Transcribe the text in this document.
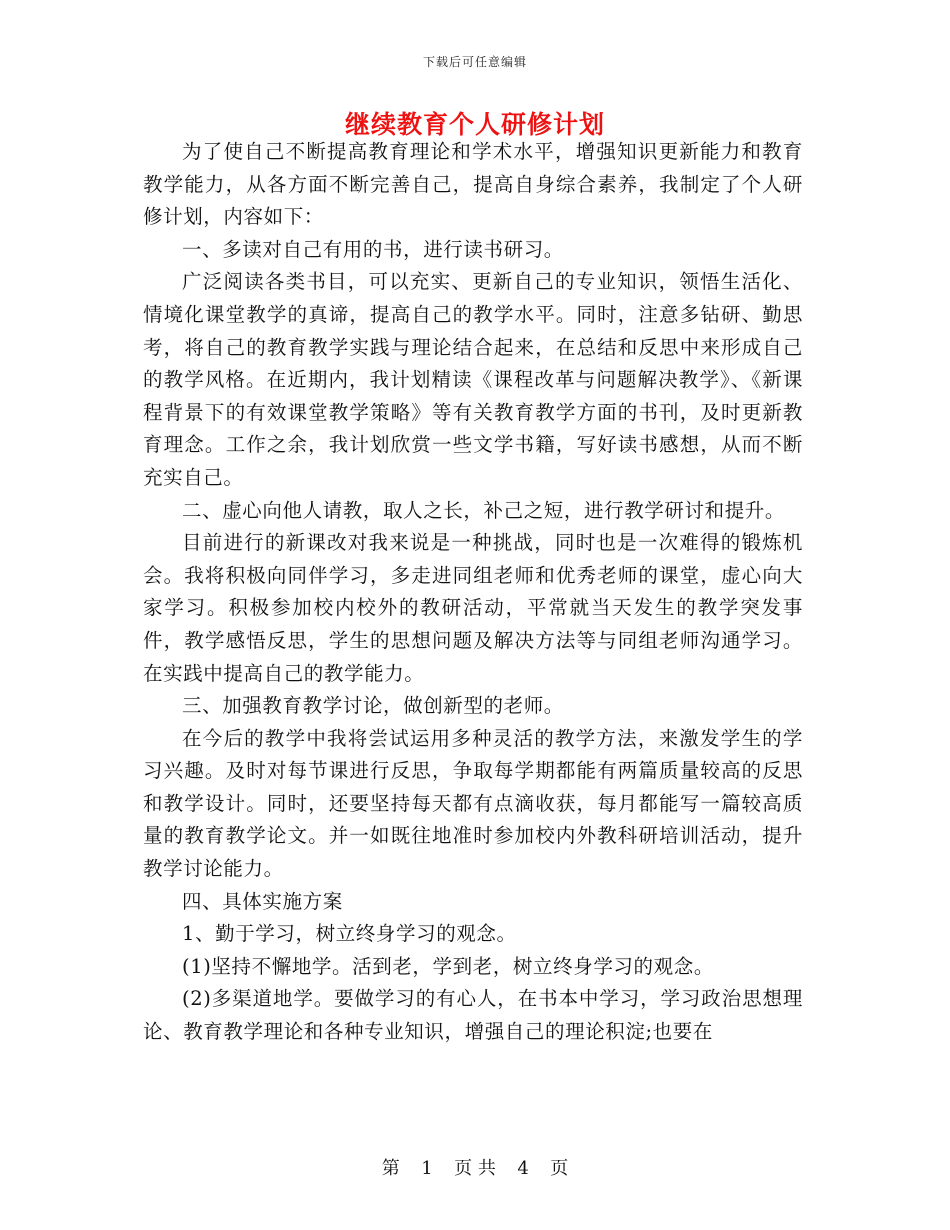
下载后可任意编辑
继续教育个人研修计划

为了使自己不断提高教育理论和学术水平，增强知识更新能力和教育教学能力，从各方面不断完善自己，提高自身综合素养，我制定了个人研修计划，内容如下：

一、多读对自己有用的书，进行读书研习。

广泛阅读各类书目，可以充实、更新自己的专业知识，领悟生活化、情境化课堂教学的真谛，提高自己的教学水平。同时，注意多钻研、勤思考，将自己的教育教学实践与理论结合起来，在总结和反思中来形成自己的教学风格。在近期内，我计划精读《课程改革与问题解决教学》、《新课程背景下的有效课堂教学策略》等有关教育教学方面的书刊，及时更新教育理念。工作之余，我计划欣赏一些文学书籍，写好读书感想，从而不断充实自己。

二、虚心向他人请教，取人之长，补己之短，进行教学研讨和提升。

目前进行的新课改对我来说是一种挑战，同时也是一次难得的锻炼机会。我将积极向同伴学习，多走进同组老师和优秀老师的课堂，虚心向大家学习。积极参加校内校外的教研活动，平常就当天发生的教学突发事件，教学感悟反思，学生的思想问题及解决方法等与同组老师沟通学习。在实践中提高自己的教学能力。

三、加强教育教学讨论，做创新型的老师。

在今后的教学中我将尝试运用多种灵活的教学方法，来激发学生的学习兴趣。及时对每节课进行反思，争取每学期都能有两篇质量较高的反思和教学设计。同时，还要坚持每天都有点滴收获，每月都能写一篇较高质量的教育教学论文。并一如既往地准时参加校内外教科研培训活动，提升教学讨论能力。

四、具体实施方案

1、勤于学习，树立终身学习的观念。

(1)坚持不懈地学。活到老，学到老，树立终身学习的观念。

(2)多渠道地学。要做学习的有心人，在书本中学习，学习政治思想理论、教育教学理论和各种专业知识，增强自己的理论积淀;也要在

第 1 页 共 4 页
